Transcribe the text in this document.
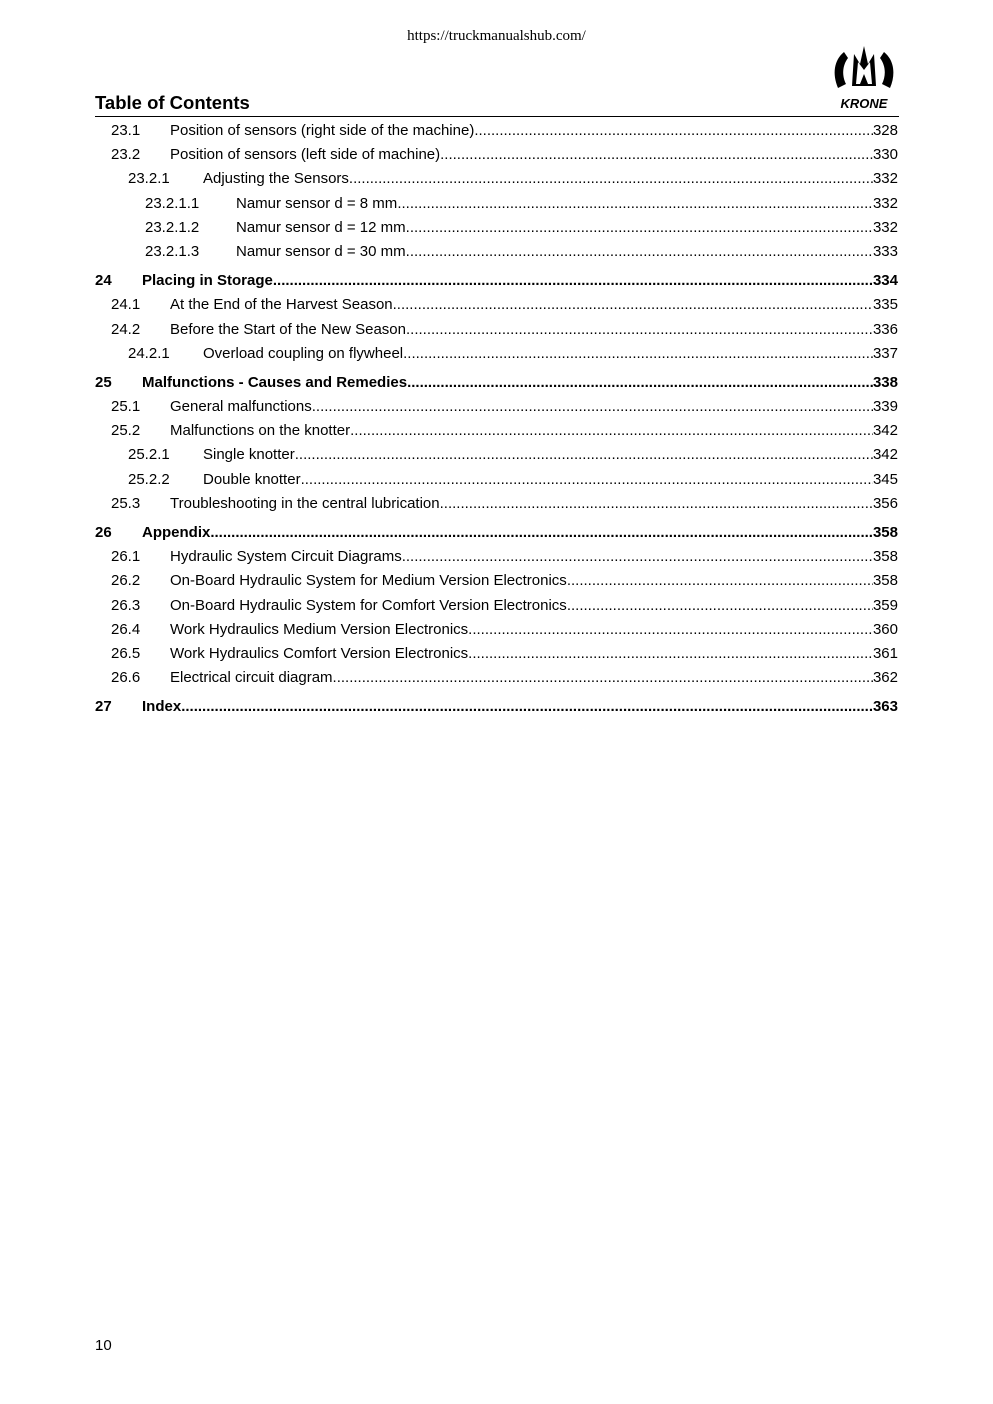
https://truckmanualshub.com/
KRONE
Table of Contents
23.1	Position of sensors (right side of the machine) .....	328
23.2	Position of sensors (left side of machine) .....	330
23.2.1	Adjusting the Sensors .....	332
23.2.1.1	Namur sensor d = 8 mm .....	332
23.2.1.2	Namur sensor d = 12 mm .....	332
23.2.1.3	Namur sensor d = 30 mm .....	333
24	Placing in Storage .....	334
24.1	At the End of the Harvest Season .....	335
24.2	Before the Start of the New Season .....	336
24.2.1	Overload coupling on flywheel .....	337
25	Malfunctions - Causes and Remedies .....	338
25.1	General malfunctions .....	339
25.2	Malfunctions on the knotter .....	342
25.2.1	Single knotter .....	342
25.2.2	Double knotter .....	345
25.3	Troubleshooting in the central lubrication .....	356
26	Appendix .....	358
26.1	Hydraulic System Circuit Diagrams .....	358
26.2	On-Board Hydraulic System for Medium Version Electronics .....	358
26.3	On-Board Hydraulic System for Comfort Version Electronics .....	359
26.4	Work Hydraulics Medium Version Electronics .....	360
26.5	Work Hydraulics Comfort Version Electronics .....	361
26.6	Electrical circuit diagram .....	362
27	Index .....	363
10
